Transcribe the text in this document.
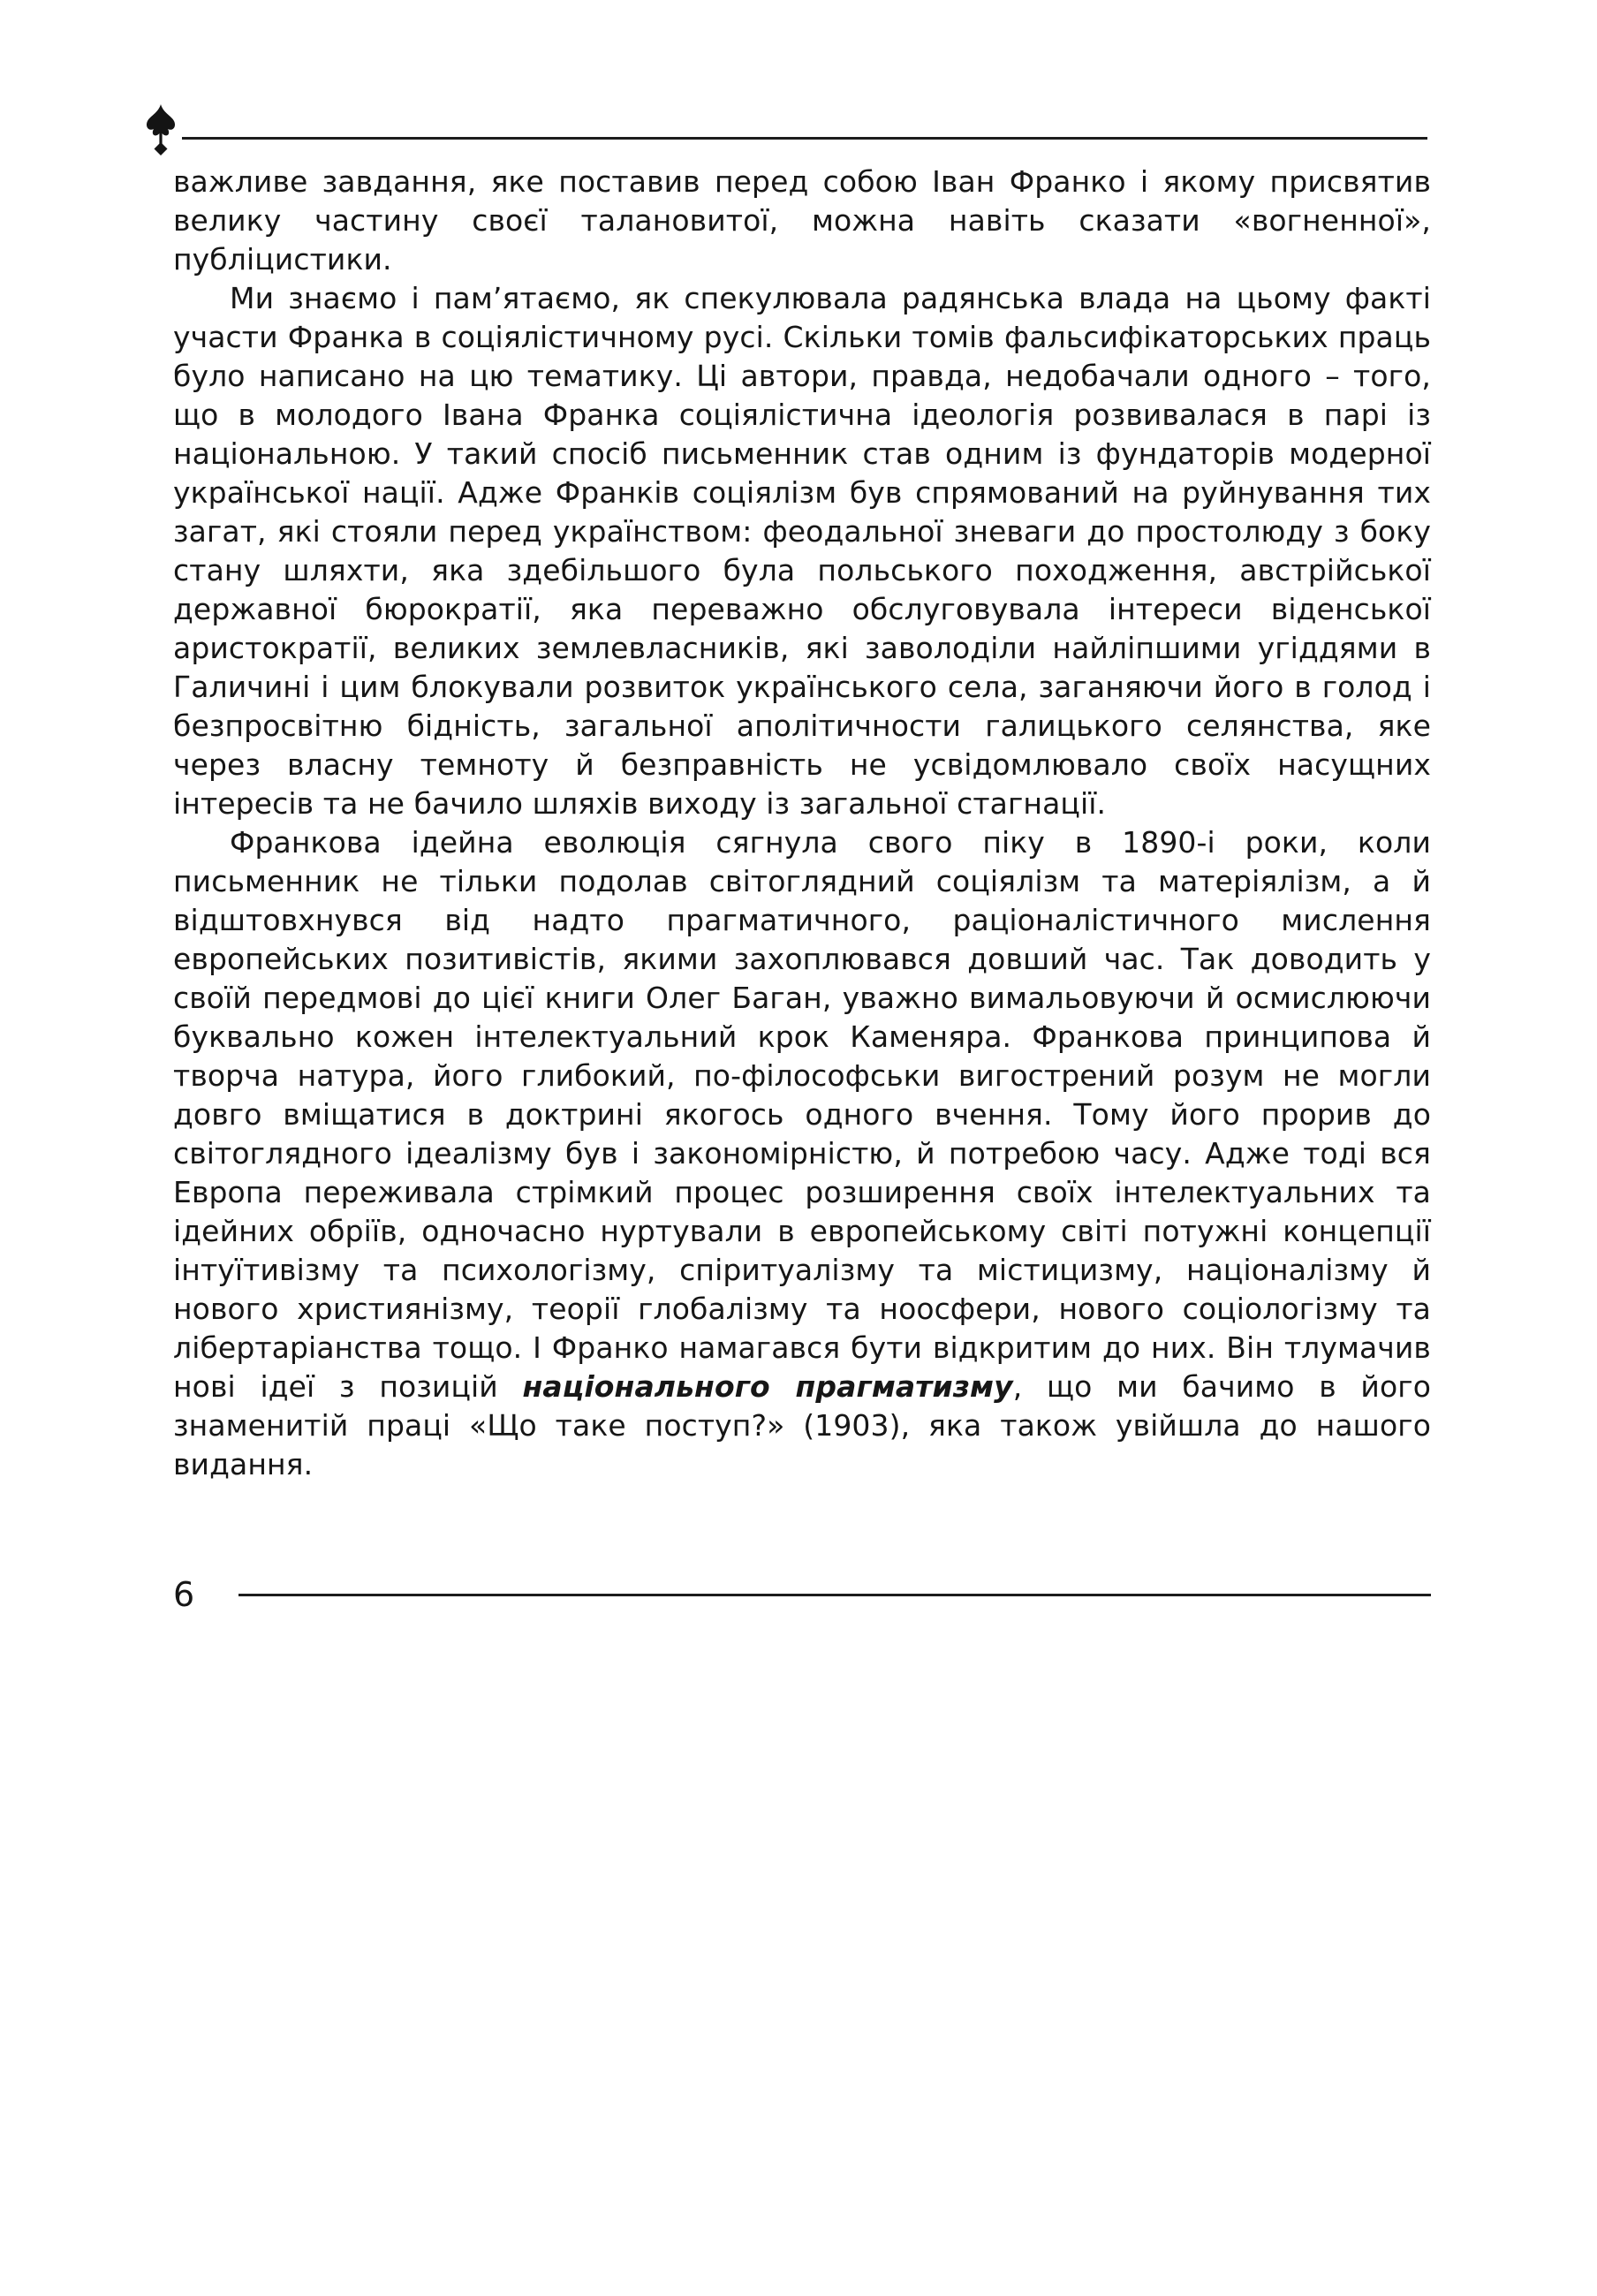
важливе завдання, яке поставив перед собою Іван Франко і якому присвятив велику частину своєї талановитої, можна навіть сказати «вогненної», публіцистики.

Ми знаємо і пам’ятаємо, як спекулювала радянська влада на цьому факті участи Франка в соціялістичному русі. Скільки томів фальсифікаторських праць було написано на цю тематику. Ці автори, правда, недобачали одного – того, що в молодого Івана Франка соціялістична ідеологія розвивалася в парі із національною. У такий спосіб письменник став одним із фундаторів модерної української нації. Адже Франків соціялізм був спрямований на руйнування тих загат, які стояли перед українством: феодальної зневаги до простолюду з боку стану шляхти, яка здебільшого була польського походження, австрійської державної бюрократії, яка переважно обслуговувала інтереси віденської аристократії, великих землевласників, які заволоділи найліпшими угіддями в Галичині і цим блокували розвиток українського села, заганяючи його в голод і безпросвітню бідність, загальної аполітичности галицького селянства, яке через власну темноту й безправність не усвідомлювало своїх насущних інтересів та не бачило шляхів виходу із загальної стагнації.

Франкова ідейна еволюція сягнула свого піку в 1890-і роки, коли письменник не тільки подолав світоглядний соціялізм та матеріялізм, а й відштовхнувся від надто прагматичного, раціоналістичного мислення европейських позитивістів, якими захоплювався довший час. Так доводить у своїй передмові до цієї книги Олег Баган, уважно вимальовуючи й осмислюючи буквально кожен інтелектуальний крок Каменяра. Франкова принципова й творча натура, його глибокий, по-філософськи вигострений розум не могли довго вміщатися в доктрині якогось одного вчення. Тому його прорив до світоглядного ідеалізму був і закономірністю, й потребою часу. Адже тоді вся Европа переживала стрімкий процес розширення своїх інтелектуальних та ідейних обріїв, одночасно нуртували в европейському світі потужні концепції інтуїтивізму та психологізму, спіритуалізму та містицизму, націоналізму й нового християнізму, теорії глобалізму та ноосфери, нового соціологізму та лібертаріанства тощо. І Франко намагався бути відкритим до них. Він тлумачив нові ідеї з позицій національного прагматизму, що ми бачимо в його знаменитій праці «Що таке поступ?» (1903), яка також увійшла до нашого видання.

6
